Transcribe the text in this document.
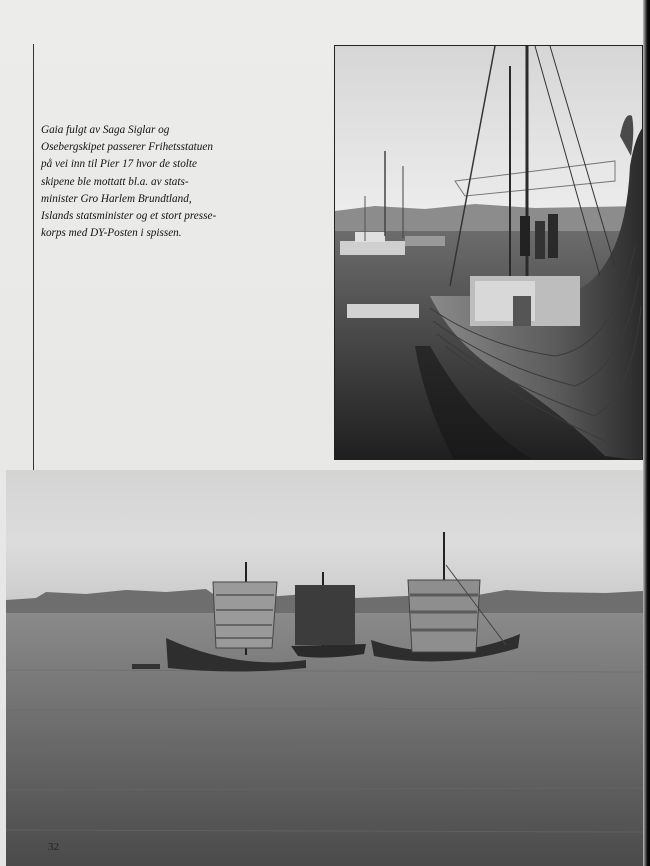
Gaia fulgt av Saga Siglar og
Osebergskipet passerer Frihetsstatuen
på vei inn til Pier 17 hvor de stolte
skipene ble mottatt bl.a. av stats-
minister Gro Harlem Brundtland,
Islands statsminister og et stort presse-
korps med DY-Posten i spissen.
32
